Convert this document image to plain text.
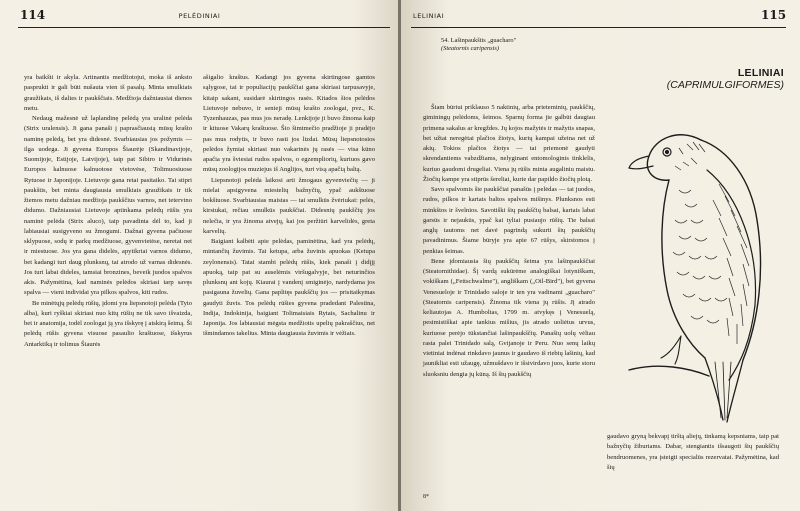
114	PELĖDINIAI

yra baikšti ir akyla. Artinantis medžiotojui, moka iš anksto pasprukti ir gali būti nušauta vien iš pasalų. Minta smulkiais graužikais, iš dalies ir paukščiais. Medžioja dažniausiai dienos metu.

Nedaug mažesnė už laplandinę pelėdą yra uralinė pelėda (Strix uralensis). Ji gana panaši į paprasčiausią mūsų krašto naminę pelėdą, bet yra didesnė. Svarbiausias jos požymis — ilga uodega. Ji gyvena Europos Šiaurėje (Skandinavijoje, Suomijoje, Estijoje, Latvijoje), taip pat Sibiro ir Vidurinės Europos kalnuose kalnuotose vietovėse, Tolimuosiuose Rytuose ir Japonijoje. Lietuvoje gana retai pasitaiko. Tai stipri paukštis, bet minta daugiausia smulkiais graužikais ir tik žiemos metu dažniau medžioja paukščius varnos, net tetervino didumo. Dažniausiai Lietuvoje aptinkama pelėdų rūšis yra naminė pelėda (Strix aluco), taip pavadinta dėl to, kad ji labiausiai susigyveno su žmogumi. Dažnai gyvena pačiuose sklypuose, sodų ir parkų medžiuose, gyvenvietėse, neretai net ir miestuose. Jos yra gana didelės, apytikriai varnos didumo, bet kadangi turi daug plunksnų, tai atrodo už varnas didesnės. Jos turi labai dideles, tamsiai bronzines, beveik juodos spalvos akis. Pažymėtina, kad naminės pelėdos skiriasi tarp savęs spalva — vieni individai yra pilkos spalvos, kiti rudos.

Be minėtųjų pelėdų rūšių, įdomi yra liepsnotoji pelėda (Tyto alba), kuri ryškiai skiriasi nuo kitų rūšių ne tik savo išvaizda, bet ir anatomija, todėl zoologai ją yra išskyrę į atskirą šeimą. Ši pelėdų rūšis gyvena visuose pasaulio kraštuose, išskyrus Antarktiką ir tolimus Šiaurės

ašigalio kraštus. Kadangi jos gyvena skirtingose gamtos sąlygose, tai ir populiacijų paukščiai gana skiriasi tarpusavyje, kitaip sakant, susidarė skirtingos rasės. Kitados šios pelėdos Lietuvoje nebuvo, ir senieji mūsų krašto zoologai, pvz., K. Tyzenhauzas, pas mus jos neradę. Lenkijoje ji buvo žinoma kaip ir kituose Vakarų kraštuose. Šio šimtmečio pradžioje ji pradėjo pas mus rodytis, ir buvo rasti jos lizdai. Mūsų liepsnotosios pelėdos žymiai skiriasi nuo vakarinės jų rasės — visa kūno apačia yra šviesiai rudos spalvos, o egzempliorių, kuriuos gavo mūsų zoologijos muziejus iš Anglijos, turi visą apačią baltą.

Liepsnotoji pelėda laikosi arti žmogaus gyvenviečių — ji mielai apsigyvena miestelių bažnyčių, ypač aukštuose bokštuose. Svarbiausias maistas — tai smulkūs žvėriukai: pelės, kirstukai, rečiau smulkūs paukščiai. Didesnių paukščių jos nelečia, ir yra žinoma atvejų, kai jos peržiūri karvelidės, greta karvelių.

Baigiant kalbėti apie pelėdas, paminėtina, kad yra pelėdų, mintančių žuvimis. Tai ketupa, arba žuvinis apuokas (Ketupa zeylonensis). Tatai stambi pelėdų rūšis, kiek panaši į didįjį apuoką, taip pat su auselėmis viršugalvyje, bet neturinčios plunksnų ant kojų. Kiaurai į vandenį smiginėjo, nardydama jos pasigauna žuvelių. Gana paplitęs paukščių jos — prisitaikymas gaudyti žuvis. Tos pelėdų rūšies gyvena pradedant Palestina, Indija, Indokinija, baigiant Tolimaisiais Rytais, Sachalinu ir Japonija. Jos labiausiai mėgsta medžiotis upelių pakraščius, net išmindamos takelius. Minta daugiausia žuvimis ir vėžiais.

LELINIAI	115
54. Lašinpaukštis „guacharo"
(Steatornis caripensis)
LELINIAI
(CAPRIMULGIFORMES)

Šiam būriui priklauso 5 naktinių, arba prieteminių, paukščių, giminingų pelėdoms, šeimos. Sparnų forma jie galbūt daugiau primena sakalus ar kregždes. Jų kojos mažytės ir mažytis snapas, bet užtat neregėtai plačios žiotys, kurių kampai užeina net už akių. Tokios plačios žiotys — tai priemonė gaudyti skrendantiems vabzdžiams, nelyginant entomologinis tinklelis, kuriuo gaudomi drugeliai. Viena jų rūšis minta augaliniu maistu. Žiočių kampe yra stiprūs šereliai, kurie dar papildo žiočių plotą.

Savo spalvomis šie paukščiai panašūs į pelėdas — tai juodos, rudos, pilkos ir kartais baltos spalvos mišinys. Plunksnos esti minkštos ir švelnios. Savotiški šių paukščių balsai, kartais labai garsūs ir nejaukūs, ypač kai tyliai pusiaujo rūšių. Tie balsai anglų tautoms net davė pagrindą sukurti šių paukščių pavadinimus. Šiame būryje yra apie 67 rūšys, skirstomos į penkias šeimas.

Bene įdomiausia šių paukščių šeima yra lašinpaukščiai (Steatornithidae). Šį vardą sukūrėme analogiškai lotyniškam, vokiškam („Fettschwalme"), angliškam („Oil-Bird"), bet gyvena Venesueloje ir Trinidado saloje ir ten yra vadinami „guacharo" (Steatornis caripensis). Žinoma tik viena jų rūšis. Jį atrado keliautojas A. Humboltas, 1799 m. atvykęs į Venesuelą, pesimistiškai apie tankius mišius, jis atrado uoliėtus urvus, kuriuose perėjo tūkstančiai lašinpaukščių. Panašių uolų vėliau rasta palei Trinidado salą, Gvijanoje ir Peru. Nuo senų laikų vietiniai indėnai rinkdavo jaunus ir gaudavo iš riebių lašinių, kad jaunikliai esti užaugę, užmušdavo ir išsivirdavo juos, kurie storu sluoksniu dengia jų kūną. Iš šių paukščių

gaudavo gryną bekvapį tirštą aliejų, tinkamą kepsniams, taip pat bažnyčių žiburiams. Dabar, stengiantis išsaugoti šių paukščių bendruomenes, yra įsteigti specialūs rezervatai. Pažymėtina, kad šių

8*
